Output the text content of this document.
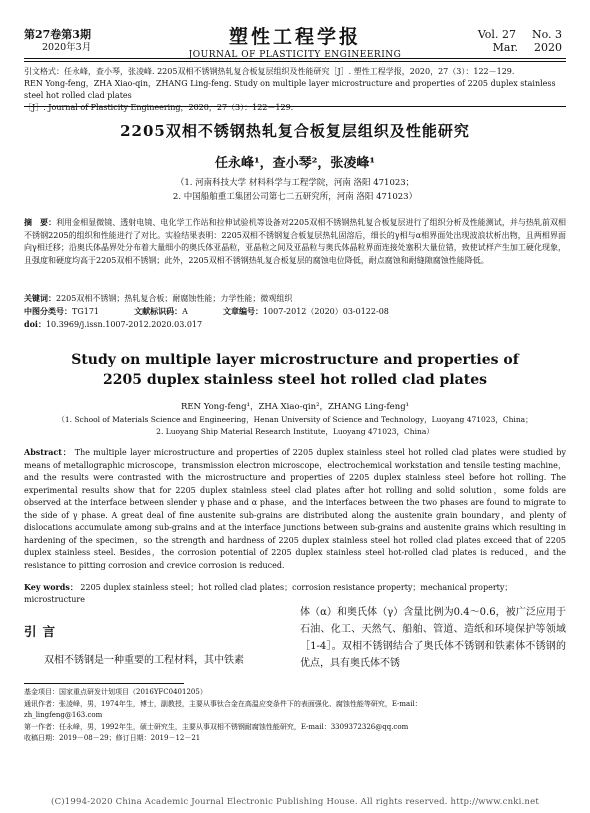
第27卷第3期
2020年3月	塑性工程学报
JOURNAL OF PLASTICITY ENGINEERING
Vol. 27 No. 3
Mar. 2020
引文格式：任永峰，查小琴，张凌峰. 2205双相不锈钢热轧复合板复层组织及性能研究［J］. 塑性工程学报，2020，27（3）：122－129.
REN Yong-feng，ZHA Xiao-qin，ZHANG Ling-feng. Study on multiple layer microstructure and properties of 2205 duplex stainless steel hot rolled clad plates
［J］. Journal of Plasticity Engineering，2020，27（3）：122－129.
2205双相不锈钢热轧复合板复层组织及性能研究
任永峰¹，查小琴²，张凌峰¹
（1. 河南科技大学 材料科学与工程学院，河南 洛阳 471023；
2. 中国船舶重工集团公司第七二五研究所，河南 洛阳 471023）
摘　要：利用金相显微镜、透射电镜、电化学工作站和拉伸试验机等设备对2205双相不锈钢热轧复合板复层进行了组织分析及性能测试，并与热轧前双相不锈钢2205的组织和性能进行了对比。实验结果表明：2205双相不锈钢复合板复层热轧固溶后，细长的γ相与α相界面处出现波浪状析出物，且两相界面向γ相迁移；沿奥氏体晶界处分布着大量细小的奥氏体亚晶粒，亚晶粒之间及亚晶粒与奥氏体晶粒界面连接处塞积大量位错，致使试样产生加工硬化现象，且强度和硬度均高于2205双相不锈钢；此外，2205双相不锈钢热轧复合板复层的腐蚀电位降低，耐点腐蚀和耐缝隙腐蚀性能降低。
关键词：2205双相不锈钢；热轧复合板；耐腐蚀性能；力学性能；微观组织
中图分类号：TG171	文献标识码：A	文章编号：1007-2012（2020）03-0122-08
doi：10.3969/j.issn.1007-2012.2020.03.017
Study on multiple layer microstructure and properties of
2205 duplex stainless steel hot rolled clad plates
REN Yong-feng¹，ZHA Xiao-qin²，ZHANG Ling-feng¹
（1. School of Materials Science and Engineering，Henan University of Science and Technology，Luoyang 471023，China；
2. Luoyang Ship Material Research Institute，Luoyang 471023，China）
Abstract： The multiple layer microstructure and properties of 2205 duplex stainless steel hot rolled clad plates were studied by means of metallographic microscope，transmission electron microscope，electrochemical workstation and tensile testing machine，and the results were contrasted with the microstructure and properties of 2205 duplex stainless steel before hot rolling. The experimental results show that for 2205 duplex stainless steel clad plates after hot rolling and solid solution，some folds are observed at the interface between slender γ phase and α phase，and the interfaces between the two phases are found to migrate to the side of γ phase. A great deal of fine austenite sub-grains are distributed along the austenite grain boundary，and plenty of dislocations accumulate among sub-grains and at the interface junctions between sub-grains and austenite grains which resulting in hardening of the specimen，so the strength and hardness of 2205 duplex stainless steel hot rolled clad plates exceed that of 2205 duplex stainless steel. Besides，the corrosion potential of 2205 duplex stainless steel hot-rolled clad plates is reduced，and the resistance to pitting corrosion and crevice corrosion is reduced.
Key words： 2205 duplex stainless steel；hot rolled clad plates；corrosion resistance property；mechanical property；microstructure
引言
双相不锈钢是一种重要的工程材料，其中铁素
体（α）和奥氏体（γ）含量比例为0.4～0.6，被广泛应用于石油、化工、天然气、船舶、管道、造纸和环境保护等领域［1-4］。双相不锈钢结合了奥氏体不锈钢和铁素体不锈钢的优点，具有奥氏体不锈
基金项目：国家重点研发计划项目（2016YFC0401205）
通讯作者：张凌峰，男，1974年生，博士，副教授，主要从事钛合金在高温应变条件下的表面强化、腐蚀性能等研究，E-mail：
zh_lingfeng@163.com
第一作者：任永峰，男，1992年生，硕士研究生，主要从事双相不锈钢耐腐蚀性能研究，E-mail：3309372326@qq.com
收稿日期：2019－08－29；修订日期：2019－12－21
(C)1994-2020 China Academic Journal Electronic Publishing House. All rights reserved. http://www.cnki.net
